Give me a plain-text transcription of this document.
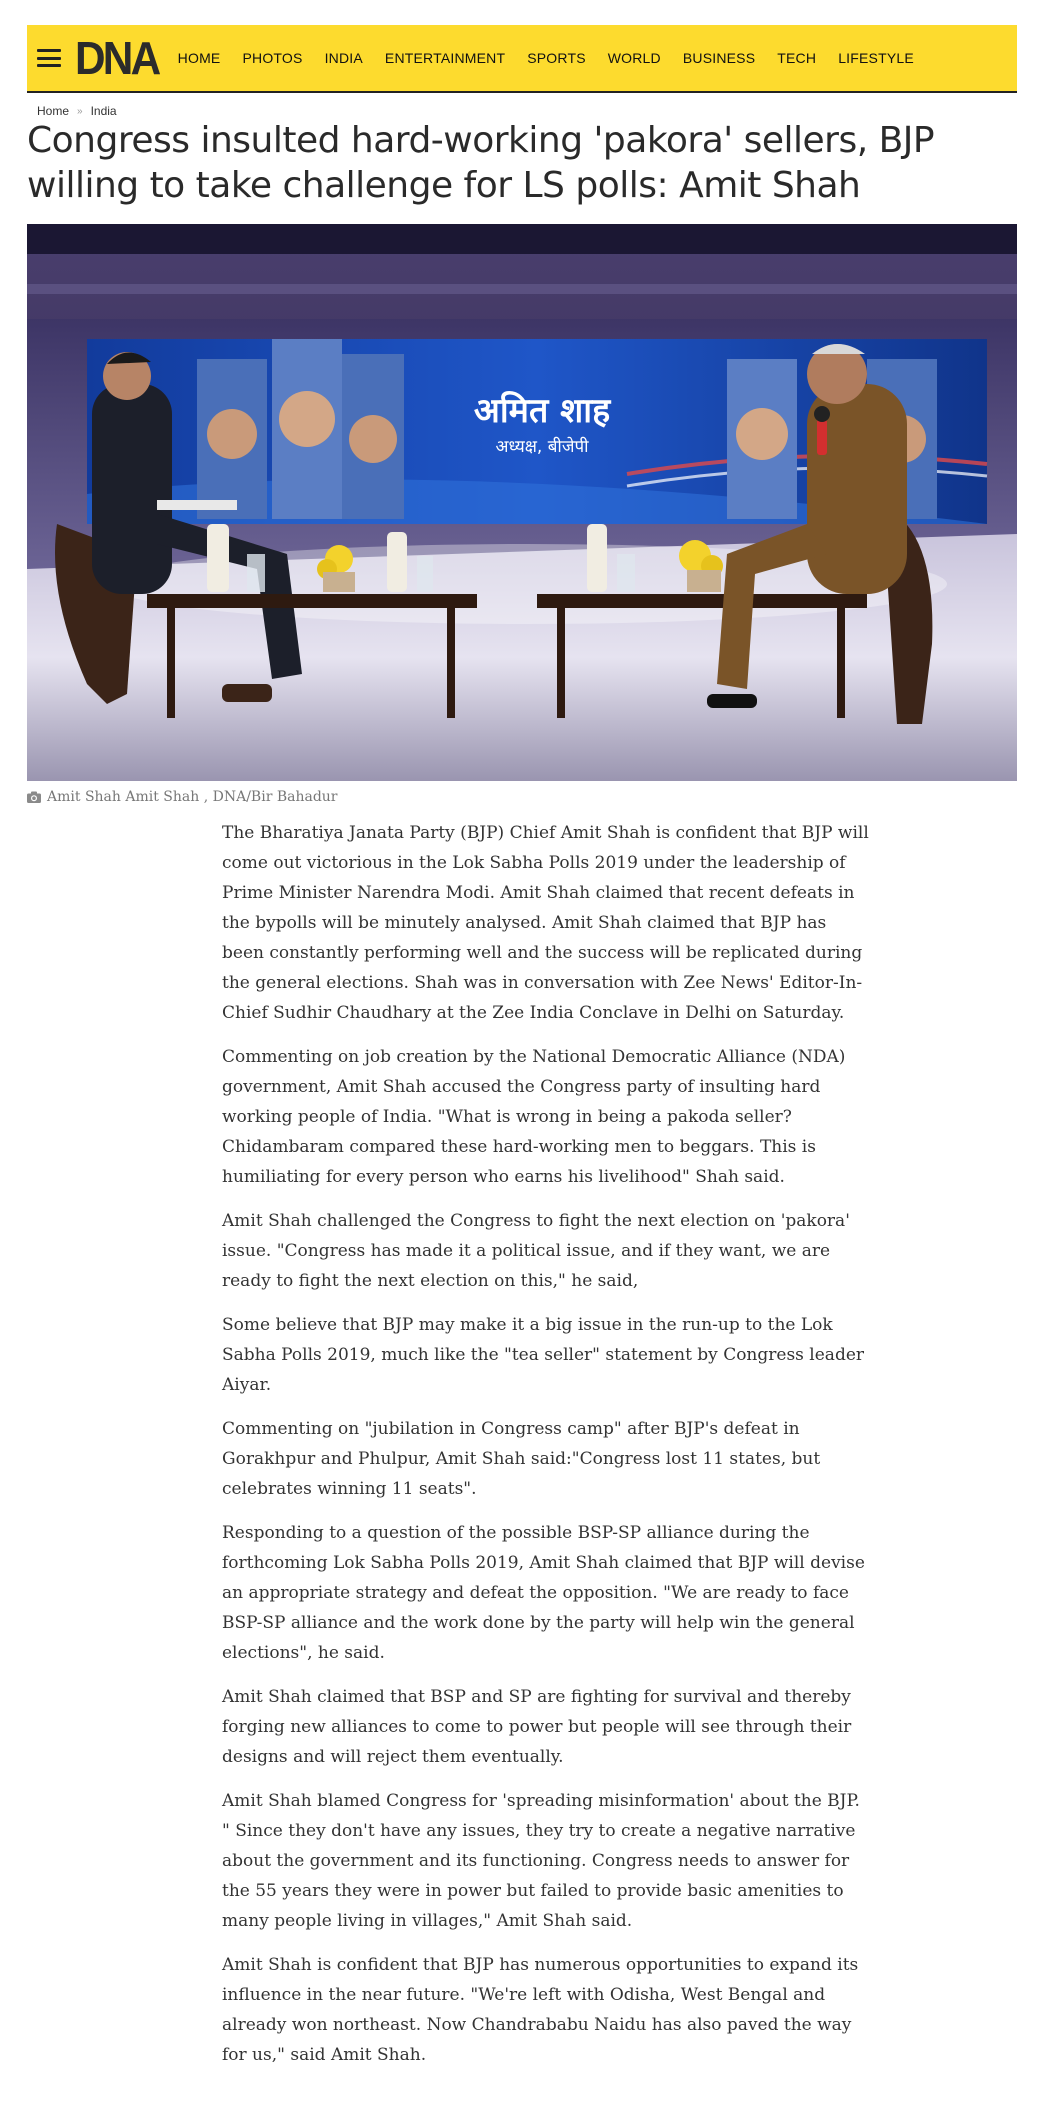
DNA HOME PHOTOS INDIA ENTERTAINMENT SPORTS WORLD BUSINESS TECH LIFESTYLE
Home » India
Congress insulted hard-working 'pakora' sellers, BJP willing to take challenge for LS polls: Amit Shah
अमित शाह
अध्यक्ष, बीजेपी
Amit Shah Amit Shah , DNA/Bir Bahadur

The Bharatiya Janata Party (BJP) Chief Amit Shah is confident that BJP will come out victorious in the Lok Sabha Polls 2019 under the leadership of Prime Minister Narendra Modi. Amit Shah claimed that recent defeats in the bypolls will be minutely analysed. Amit Shah claimed that BJP has been constantly performing well and the success will be replicated during the general elections. Shah was in conversation with Zee News' Editor-In-Chief Sudhir Chaudhary at the Zee India Conclave in Delhi on Saturday.

Commenting on job creation by the National Democratic Alliance (NDA) government, Amit Shah accused the Congress party of insulting hard working people of India. "What is wrong in being a pakoda seller? Chidambaram compared these hard-working men to beggars. This is humiliating for every person who earns his livelihood" Shah said.

Amit Shah challenged the Congress to fight the next election on 'pakora' issue. "Congress has made it a political issue, and if they want, we are ready to fight the next election on this," he said,

Some believe that BJP may make it a big issue in the run-up to the Lok Sabha Polls 2019, much like the "tea seller" statement by Congress leader Aiyar.

Commenting on "jubilation in Congress camp" after BJP's defeat in Gorakhpur and Phulpur, Amit Shah said:"Congress lost 11 states, but celebrates winning 11 seats".

Responding to a question of the possible BSP-SP alliance during the forthcoming Lok Sabha Polls 2019, Amit Shah claimed that BJP will devise an appropriate strategy and defeat the opposition. "We are ready to face BSP-SP alliance and the work done by the party will help win the general elections", he said.

Amit Shah claimed that BSP and SP are fighting for survival and thereby forging new alliances to come to power but people will see through their designs and will reject them eventually.

Amit Shah blamed Congress for 'spreading misinformation' about the BJP. " Since they don't have any issues, they try to create a negative narrative about the government and its functioning. Congress needs to answer for the 55 years they were in power but failed to provide basic amenities to many people living in villages," Amit Shah said.

Amit Shah is confident that BJP has numerous opportunities to expand its influence in the near future. "We're left with Odisha, West Bengal and already won northeast. Now Chandrababu Naidu has also paved the way for us," said Amit Shah.
